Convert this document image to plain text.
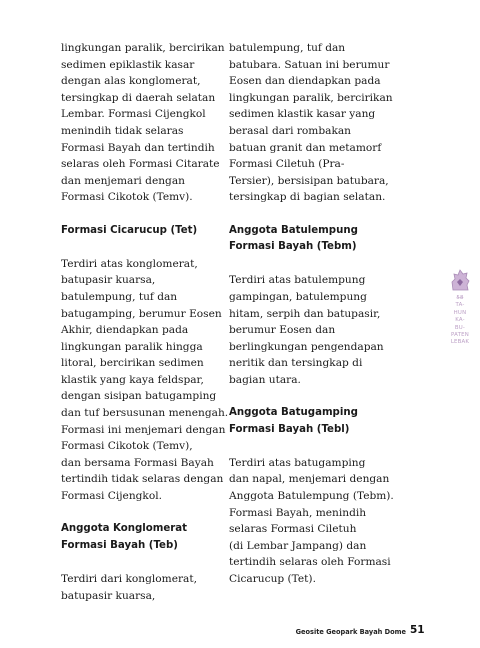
lingkungan paralik, bercirikan
sedimen epiklastik kasar
dengan alas konglomerat,
tersingkap di daerah selatan
Lembar. Formasi Cijengkol
menindih tidak selaras
Formasi Bayah dan tertindih
selaras oleh Formasi Citarate
dan menjemari dengan
Formasi Cikotok (Temv).
Formasi Cicarucup (Tet)
Terdiri atas konglomerat,
batupasir kuarsa,
batulempung, tuf dan
batugamping, berumur Eosen
Akhir, diendapkan pada
lingkungan paralik hingga
litoral, bercirikan sedimen
klastik yang kaya feldspar,
dengan sisipan batugamping
dan tuf bersusunan menengah.
Formasi ini menjemari dengan
Formasi Cikotok (Temv),
dan bersama Formasi Bayah
tertindih tidak selaras dengan
Formasi Cijengkol.
Anggota Konglomerat
Formasi Bayah (Teb)
Terdiri dari konglomerat,
batupasir kuarsa,
batulempung, tuf dan
batubara. Satuan ini berumur
Eosen dan diendapkan pada
lingkungan paralik, bercirikan
sedimen klastik kasar yang
berasal dari rombakan
batuan granit dan metamorf
Formasi Ciletuh (Pra-
Tersier), bersisipan batubara,
tersingkap di bagian selatan.
Anggota Batulempung
Formasi Bayah (Tebm)
Terdiri atas batulempung
gampingan, batulempung
hitam, serpih dan batupasir,
berumur Eosen dan
berlingkungan pengendapan
neritik dan tersingkap di
bagian utara.
Anggota Batugamping
Formasi Bayah (Tebl)
Terdiri atas batugamping
dan napal, menjemari dengan
Anggota Batulempung (Tebm).
Formasi Bayah, menindih
selaras Formasi Ciletuh
(di Lembar Jampang) dan
tertindih selaras oleh Formasi
Cicarucup (Tet).
5̶8̶
TA-
HUN
KA-
BU-
PATEN
LEBAK
Geosite Geopark Bayah Dome 51
